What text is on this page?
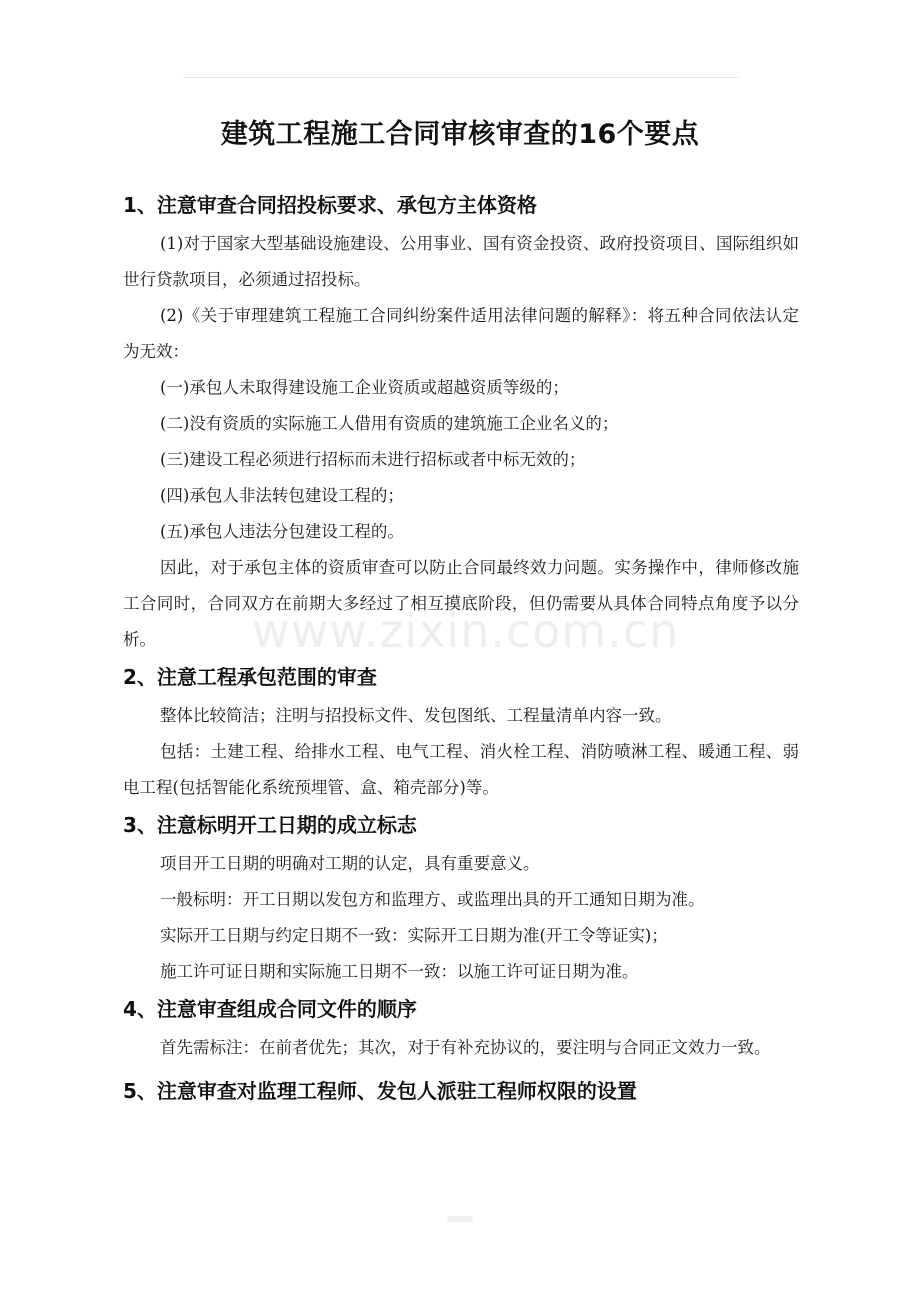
建筑工程施工合同审核审查的16个要点
www.zixin.com.cn
1、注意审查合同招投标要求、承包方主体资格

(1)对于国家大型基础设施建设、公用事业、国有资金投资、政府投资项目、国际组织如世行贷款项目，必须通过招投标。

(2)《关于审理建筑工程施工合同纠纷案件适用法律问题的解释》：将五种合同依法认定为无效：

(一)承包人未取得建设施工企业资质或超越资质等级的；

(二)没有资质的实际施工人借用有资质的建筑施工企业名义的；

(三)建设工程必须进行招标而未进行招标或者中标无效的；

(四)承包人非法转包建设工程的；

(五)承包人违法分包建设工程的。

因此，对于承包主体的资质审查可以防止合同最终效力问题。实务操作中，律师修改施工合同时，合同双方在前期大多经过了相互摸底阶段，但仍需要从具体合同特点角度予以分析。

2、注意工程承包范围的审查

整体比较简洁；注明与招投标文件、发包图纸、工程量清单内容一致。

包括：土建工程、给排水工程、电气工程、消火栓工程、消防喷淋工程、暖通工程、弱电工程(包括智能化系统预埋管、盒、箱壳部分)等。

3、注意标明开工日期的成立标志

项目开工日期的明确对工期的认定，具有重要意义。

一般标明：开工日期以发包方和监理方、或监理出具的开工通知日期为准。

实际开工日期与约定日期不一致：实际开工日期为准(开工令等证实)；

施工许可证日期和实际施工日期不一致：以施工许可证日期为准。

4、注意审查组成合同文件的顺序

首先需标注：在前者优先；其次，对于有补充协议的，要注明与合同正文效力一致。

5、注意审查对监理工程师、发包人派驻工程师权限的设置
